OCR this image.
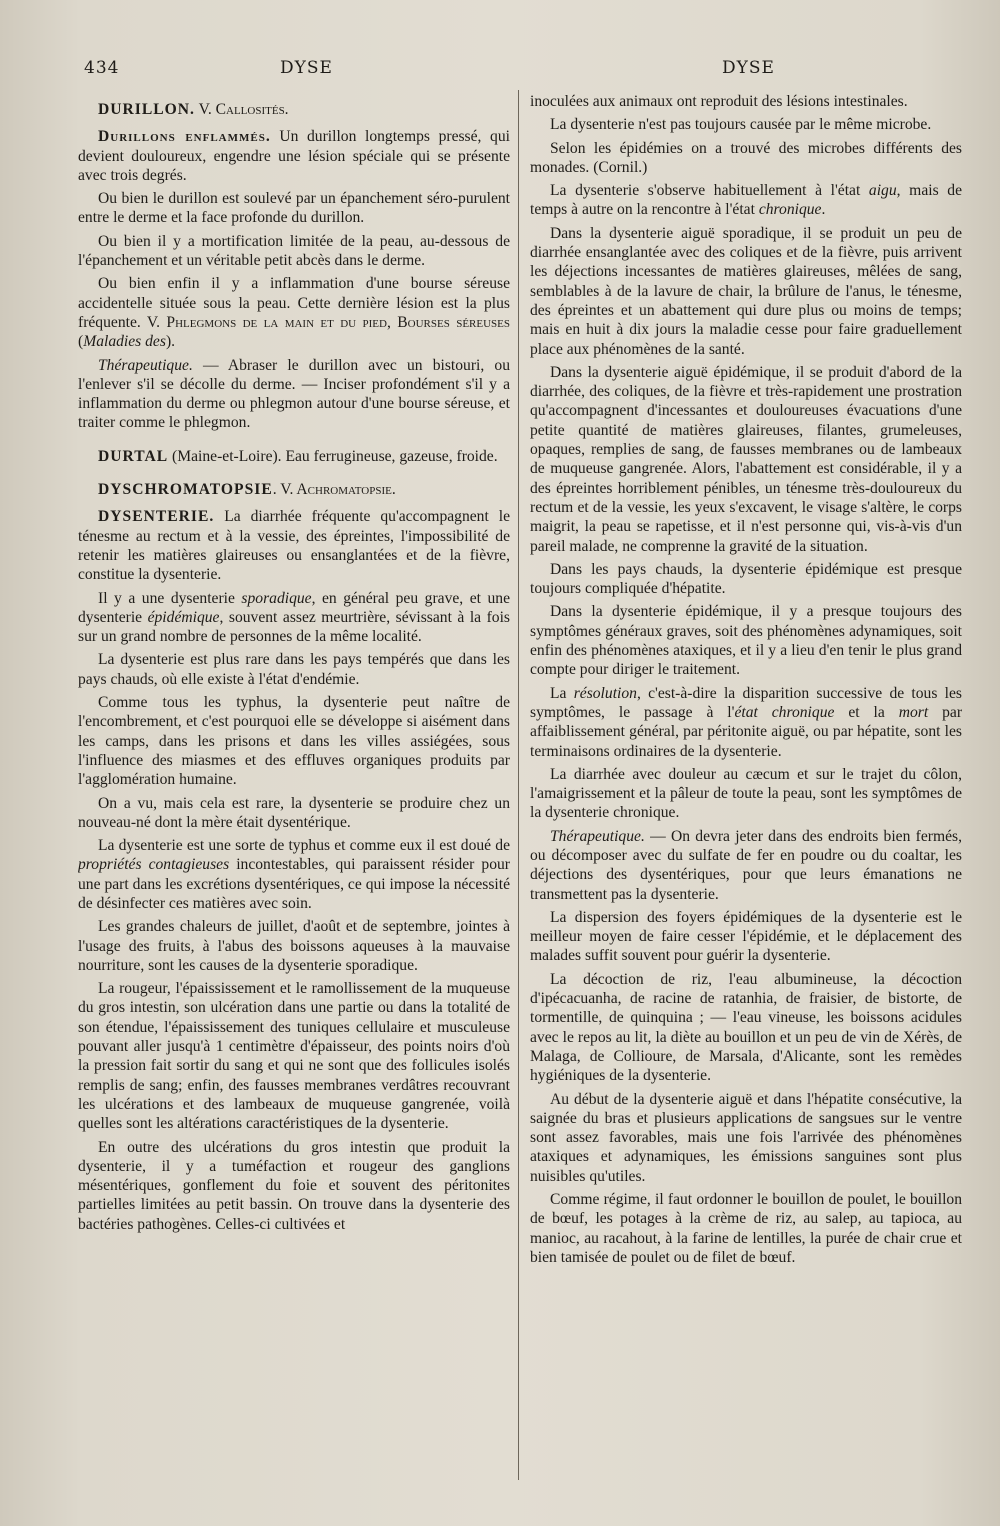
434	DYSE	DYSE

DURILLON. V. Callosités.

Durillons enflammés. Un durillon longtemps pressé, qui devient douloureux, engendre une lésion spéciale qui se présente avec trois degrés.

Ou bien le durillon est soulevé par un épanchement séro-purulent entre le derme et la face profonde du durillon.

Ou bien il y a mortification limitée de la peau, au-dessous de l'épanchement et un véritable petit abcès dans le derme.

Ou bien enfin il y a inflammation d'une bourse séreuse accidentelle située sous la peau. Cette dernière lésion est la plus fréquente. V. Phlegmons de la main et du pied, Bourses séreuses (Maladies des).

Thérapeutique. — Abraser le durillon avec un bistouri, ou l'enlever s'il se décolle du derme. — Inciser profondément s'il y a inflammation du derme ou phlegmon autour d'une bourse séreuse, et traiter comme le phlegmon.

DURTAL (Maine-et-Loire). Eau ferrugineuse, gazeuse, froide.

DYSCHROMATOPSIE. V. Achromatopsie.

DYSENTERIE. La diarrhée fréquente qu'accompagnent le ténesme au rectum et à la vessie, des épreintes, l'impossibilité de retenir les matières glaireuses ou ensanglantées et de la fièvre, constitue la dysenterie.

Il y a une dysenterie sporadique, en général peu grave, et une dysenterie épidémique, souvent assez meurtrière, sévissant à la fois sur un grand nombre de personnes de la même localité.

La dysenterie est plus rare dans les pays tempérés que dans les pays chauds, où elle existe à l'état d'endémie.

Comme tous les typhus, la dysenterie peut naître de l'encombrement, et c'est pourquoi elle se développe si aisément dans les camps, dans les prisons et dans les villes assiégées, sous l'influence des miasmes et des effluves organiques produits par l'agglomération humaine.

On a vu, mais cela est rare, la dysenterie se produire chez un nouveau-né dont la mère était dysentérique.

La dysenterie est une sorte de typhus et comme eux il est doué de propriétés contagieuses incontestables, qui paraissent résider pour une part dans les excrétions dysentériques, ce qui impose la nécessité de désinfecter ces matières avec soin.

Les grandes chaleurs de juillet, d'août et de septembre, jointes à l'usage des fruits, à l'abus des boissons aqueuses à la mauvaise nourriture, sont les causes de la dysenterie sporadique.

La rougeur, l'épaississement et le ramollissement de la muqueuse du gros intestin, son ulcération dans une partie ou dans la totalité de son étendue, l'épaississement des tuniques cellulaire et musculeuse pouvant aller jusqu'à 1 centimètre d'épaisseur, des points noirs d'où la pression fait sortir du sang et qui ne sont que des follicules isolés remplis de sang; enfin, des fausses membranes verdâtres recouvrant les ulcérations et des lambeaux de muqueuse gangrenée, voilà quelles sont les altérations caractéristiques de la dysenterie.

En outre des ulcérations du gros intestin que produit la dysenterie, il y a tuméfaction et rougeur des ganglions mésentériques, gonflement du foie et souvent des péritonites partielles limitées au petit bassin. On trouve dans la dysenterie des bactéries pathogènes. Celles-ci cultivées et

inoculées aux animaux ont reproduit des lésions intestinales.

La dysenterie n'est pas toujours causée par le même microbe.

Selon les épidémies on a trouvé des microbes différents des monades. (Cornil.)

La dysenterie s'observe habituellement à l'état aigu, mais de temps à autre on la rencontre à l'état chronique.

Dans la dysenterie aiguë sporadique, il se produit un peu de diarrhée ensanglantée avec des coliques et de la fièvre, puis arrivent les déjections incessantes de matières glaireuses, mêlées de sang, semblables à de la lavure de chair, la brûlure de l'anus, le ténesme, des épreintes et un abattement qui dure plus ou moins de temps; mais en huit à dix jours la maladie cesse pour faire graduellement place aux phénomènes de la santé.

Dans la dysenterie aiguë épidémique, il se produit d'abord de la diarrhée, des coliques, de la fièvre et très-rapidement une prostration qu'accompagnent d'incessantes et douloureuses évacuations d'une petite quantité de matières glaireuses, filantes, grumeleuses, opaques, remplies de sang, de fausses membranes ou de lambeaux de muqueuse gangrenée. Alors, l'abattement est considérable, il y a des épreintes horriblement pénibles, un ténesme très-douloureux du rectum et de la vessie, les yeux s'excavent, le visage s'altère, le corps maigrit, la peau se rapetisse, et il n'est personne qui, vis-à-vis d'un pareil malade, ne comprenne la gravité de la situation.

Dans les pays chauds, la dysenterie épidémique est presque toujours compliquée d'hépatite.

Dans la dysenterie épidémique, il y a presque toujours des symptômes généraux graves, soit des phénomènes adynamiques, soit enfin des phénomènes ataxiques, et il y a lieu d'en tenir le plus grand compte pour diriger le traitement.

La résolution, c'est-à-dire la disparition successive de tous les symptômes, le passage à l'état chronique et la mort par affaiblissement général, par péritonite aiguë, ou par hépatite, sont les terminaisons ordinaires de la dysenterie.

La diarrhée avec douleur au cæcum et sur le trajet du côlon, l'amaigrissement et la pâleur de toute la peau, sont les symptômes de la dysenterie chronique.

Thérapeutique. — On devra jeter dans des endroits bien fermés, ou décomposer avec du sulfate de fer en poudre ou du coaltar, les déjections des dysentériques, pour que leurs émanations ne transmettent pas la dysenterie.

La dispersion des foyers épidémiques de la dysenterie est le meilleur moyen de faire cesser l'épidémie, et le déplacement des malades suffit souvent pour guérir la dysenterie.

La décoction de riz, l'eau albumineuse, la décoction d'ipécacuanha, de racine de ratanhia, de fraisier, de bistorte, de tormentille, de quinquina ; — l'eau vineuse, les boissons acidules avec le repos au lit, la diète au bouillon et un peu de vin de Xérès, de Malaga, de Collioure, de Marsala, d'Alicante, sont les remèdes hygiéniques de la dysenterie.

Au début de la dysenterie aiguë et dans l'hépatite consécutive, la saignée du bras et plusieurs applications de sangsues sur le ventre sont assez favorables, mais une fois l'arrivée des phénomènes ataxiques et adynamiques, les émissions sanguines sont plus nuisibles qu'utiles.

Comme régime, il faut ordonner le bouillon de poulet, le bouillon de bœuf, les potages à la crème de riz, au salep, au tapioca, au manioc, au racahout, à la farine de lentilles, la purée de chair crue et bien tamisée de poulet ou de filet de bœuf.
